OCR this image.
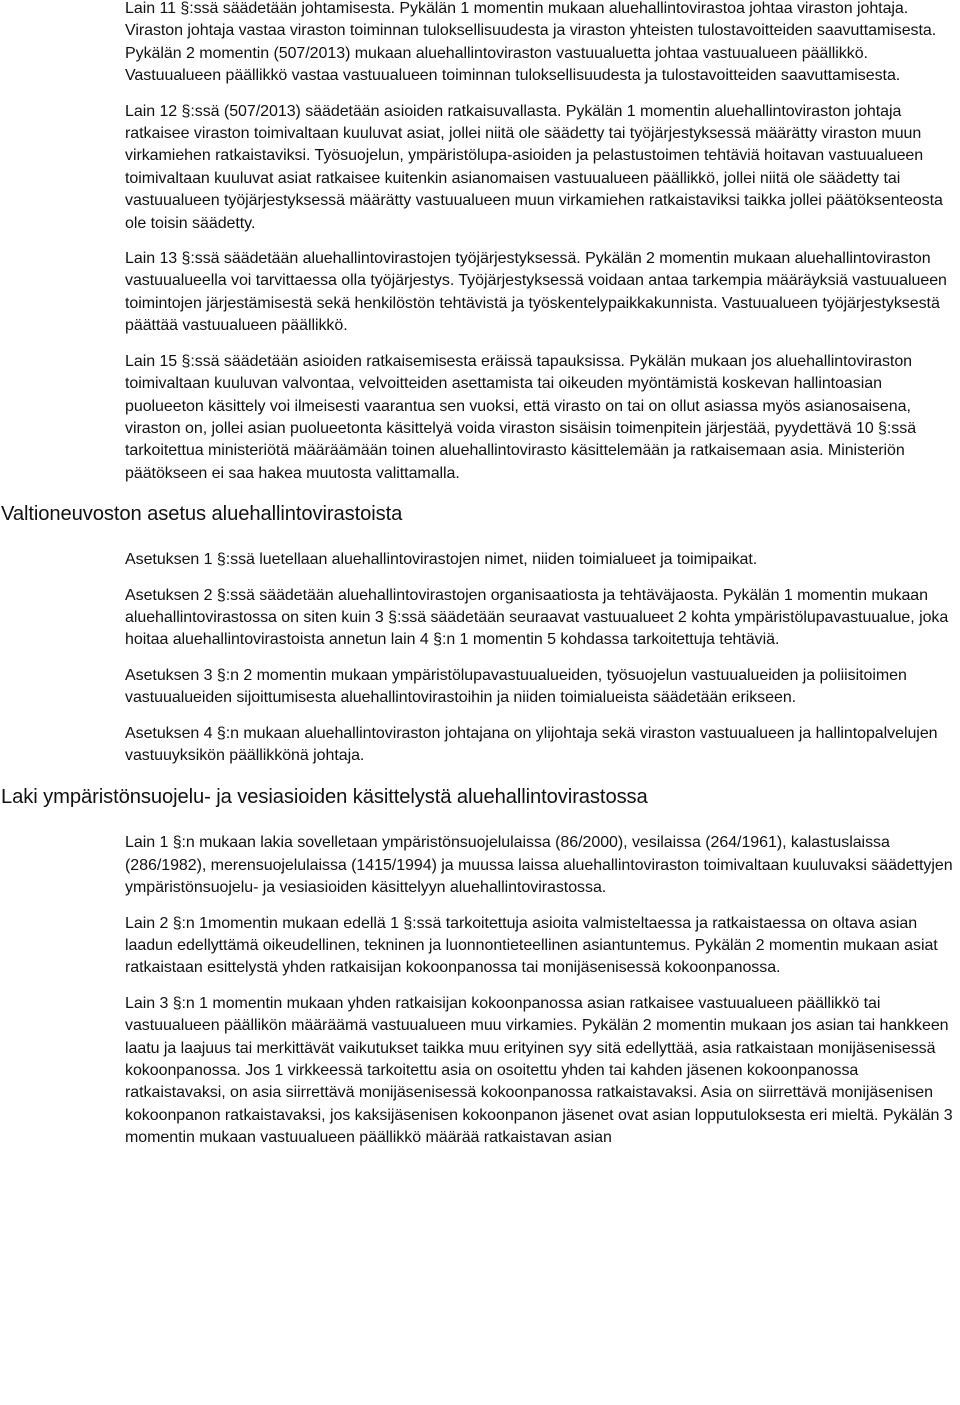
Lain 11 §:ssä säädetään johtamisesta. Pykälän 1 momentin mukaan aluehallintovirastoa johtaa viraston johtaja. Viraston johtaja vastaa viraston toiminnan tuloksellisuudesta ja viraston yhteisten tulostavoitteiden saavuttamisesta. Pykälän 2 momentin (507/2013) mukaan aluehallintoviraston vastuualuetta johtaa vastuualueen päällikkö. Vastuualueen päällikkö vastaa vastuualueen toiminnan tuloksellisuudesta ja tulostavoitteiden saavuttamisesta.

Lain 12 §:ssä (507/2013) säädetään asioiden ratkaisuvallasta. Pykälän 1 momentin aluehallintoviraston johtaja ratkaisee viraston toimivaltaan kuuluvat asiat, jollei niitä ole säädetty tai työjärjestyksessä määrätty viraston muun virkamiehen ratkaistaviksi. Työsuojelun, ympäristölupa-asioiden ja pelastustoimen tehtäviä hoitavan vastuualueen toimivaltaan kuuluvat asiat ratkaisee kuitenkin asianomaisen vastuualueen päällikkö, jollei niitä ole säädetty tai vastuualueen työjärjestyksessä määrätty vastuualueen muun virkamiehen ratkaistaviksi taikka jollei päätöksenteosta ole toisin säädetty.

Lain 13 §:ssä säädetään aluehallintovirastojen työjärjestyksessä. Pykälän 2 momentin mukaan aluehallintoviraston vastuualueella voi tarvittaessa olla työjärjestys. Työjärjestyksessä voidaan antaa tarkempia määräyksiä vastuualueen toimintojen järjestämisestä sekä henkilöstön tehtävistä ja työskentelypaikkakunnista. Vastuualueen työjärjestyksestä päättää vastuualueen päällikkö.

Lain 15 §:ssä säädetään asioiden ratkaisemisesta eräissä tapauksissa. Pykälän mukaan jos aluehallintoviraston toimivaltaan kuuluvan valvontaa, velvoitteiden asettamista tai oikeuden myöntämistä koskevan hallintoasian puolueeton käsittely voi ilmeisesti vaarantua sen vuoksi, että virasto on tai on ollut asiassa myös asianosaisena, viraston on, jollei asian puolueetonta käsittelyä voida viraston sisäisin toimenpitein järjestää, pyydettävä 10 §:ssä tarkoitettua ministeriötä määräämään toinen aluehallintovirasto käsittelemään ja ratkaisemaan asia. Ministeriön päätökseen ei saa hakea muutosta valittamalla.

Valtioneuvoston asetus aluehallintovirastoista

Asetuksen 1 §:ssä luetellaan aluehallintovirastojen nimet, niiden toimialueet ja toimipaikat.

Asetuksen 2 §:ssä säädetään aluehallintovirastojen organisaatiosta ja tehtäväjaosta. Pykälän 1 momentin mukaan aluehallintovirastossa on siten kuin 3 §:ssä säädetään seuraavat vastuualueet 2 kohta ympäristölupavastuualue, joka hoitaa aluehallintovirastoista annetun lain 4 §:n 1 momentin 5 kohdassa tarkoitettuja tehtäviä.

Asetuksen 3 §:n 2 momentin mukaan ympäristölupavastuualueiden, työsuojelun vastuualueiden ja poliisitoimen vastuualueiden sijoittumisesta aluehallintovirastoihin ja niiden toimialueista säädetään erikseen.

Asetuksen 4 §:n mukaan aluehallintoviraston johtajana on ylijohtaja sekä viraston vastuualueen ja hallintopalvelujen vastuuyksikön päällikkönä johtaja.

Laki ympäristönsuojelu- ja vesiasioiden käsittelystä aluehallintovirastossa

Lain 1 §:n mukaan lakia sovelletaan ympäristönsuojelulaissa (86/2000), vesilaissa (264/1961), kalastuslaissa (286/1982), merensuojelulaissa (1415/1994) ja muussa laissa aluehallintoviraston toimivaltaan kuuluvaksi säädettyjen ympäristönsuojelu- ja vesiasioiden käsittelyyn aluehallintovirastossa.

Lain 2 §:n 1momentin mukaan edellä 1 §:ssä tarkoitettuja asioita valmisteltaessa ja ratkaistaessa on oltava asian laadun edellyttämä oikeudellinen, tekninen ja luonnontieteellinen asiantuntemus. Pykälän 2 momentin mukaan asiat ratkaistaan esittelystä yhden ratkaisijan kokoonpanossa tai monijäsenisessä kokoonpanossa.

Lain 3 §:n 1 momentin mukaan yhden ratkaisijan kokoonpanossa asian ratkaisee vastuualueen päällikkö tai vastuualueen päällikön määräämä vastuualueen muu virkamies. Pykälän 2 momentin mukaan jos asian tai hankkeen laatu ja laajuus tai merkittävät vaikutukset taikka muu erityinen syy sitä edellyttää, asia ratkaistaan monijäsenisessä kokoonpanossa. Jos 1 virkkeessä tarkoitettu asia on osoitettu yhden tai kahden jäsenen kokoonpanossa ratkaistavaksi, on asia siirrettävä monijäsenisessä kokoonpanossa ratkaistavaksi. Asia on siirrettävä monijäsenisen kokoonpanon ratkaistavaksi, jos kaksijäsenisen kokoonpanon jäsenet ovat asian lopputuloksesta eri mieltä. Pykälän 3 momentin mukaan vastuualueen päällikkö määrää ratkaistavan asian
